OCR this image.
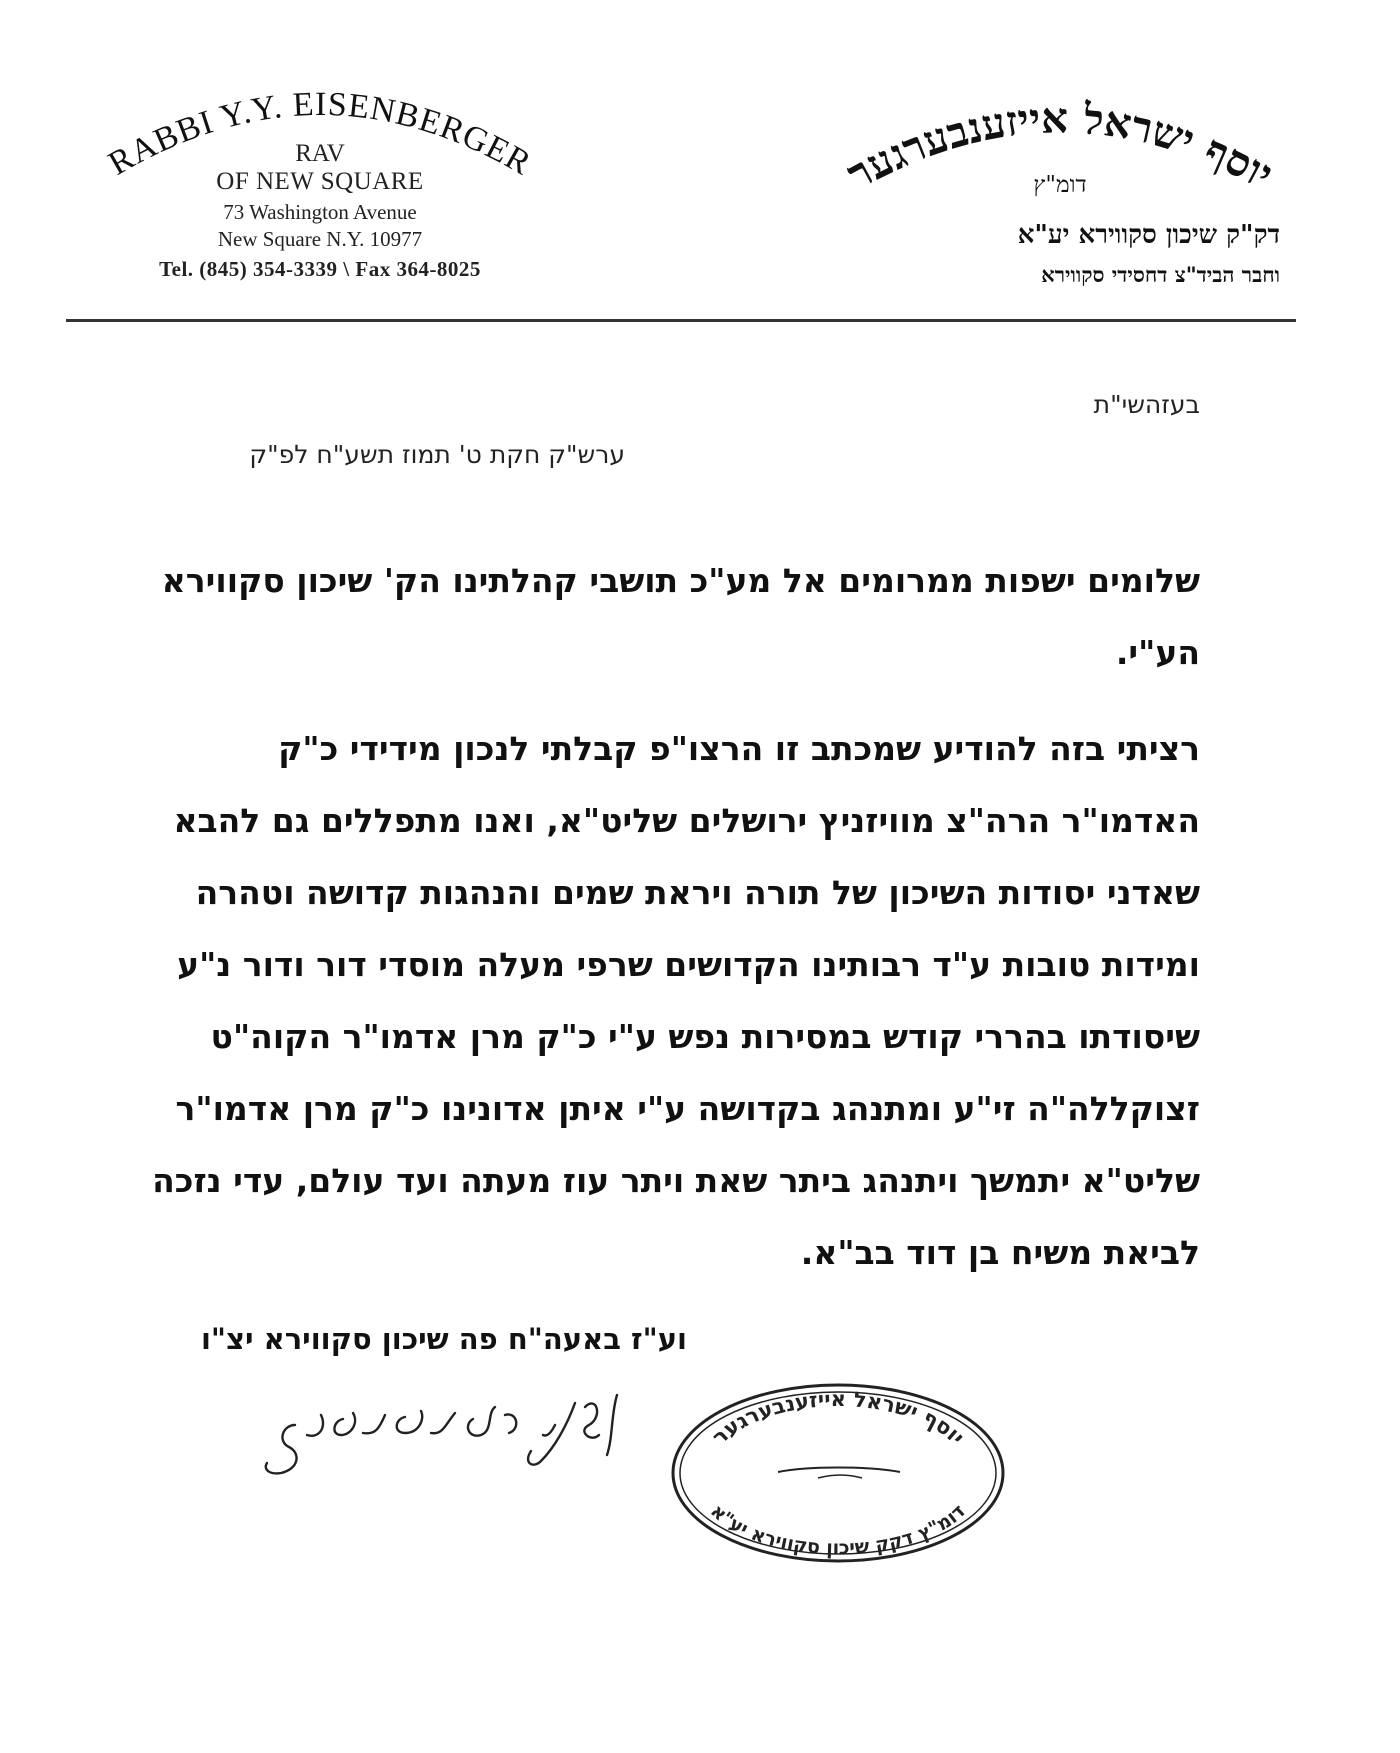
RABBI Y.Y. EISENBERGER
RAV
OF NEW SQUARE
73 Washington Avenue
New Square N.Y. 10977
Tel. (845) 354-3339 \ Fax 364-8025
יוסף ישראל אייזענבערגער
דומ"ץ
דק"ק שיכון סקווירא יע"א
וחבר הביד"צ דחסידי סקווירא
בעזהשי"ת
ערש"ק חקת ט' תמוז תשע"ח לפ"ק
שלומים ישפות ממרומים אל מע"כ תושבי קהלתינו הק' שיכון סקווירא
הע"י.
רציתי בזה להודיע שמכתב זו הרצו"פ קבלתי לנכון מידידי כ"ק
האדמו"ר הרה"צ מוויזניץ ירושלים שליט"א, ואנו מתפללים גם להבא
שאדני יסודות השיכון של תורה ויראת שמים והנהגות קדושה וטהרה
ומידות טובות ע"ד רבותינו הקדושים שרפי מעלה מוסדי דור ודור נ"ע
שיסודתו בהררי קודש במסירות נפש ע"י כ"ק מרן אדמו"ר הקוה"ט
זצוקללה"ה זי"ע ומתנהג בקדושה ע"י איתן אדונינו כ"ק מרן אדמו"ר
שליט"א יתמשך ויתנהג ביתר שאת ויתר עוז מעתה ועד עולם, עדי נזכה
לביאת משיח בן דוד בב"א.
וע"ז באעה"ח פה שיכון סקווירא יצ"ו
יוסף ישראל אייזענבערגער
דומ"ץ דקק שיכון סקווירא יע"א
